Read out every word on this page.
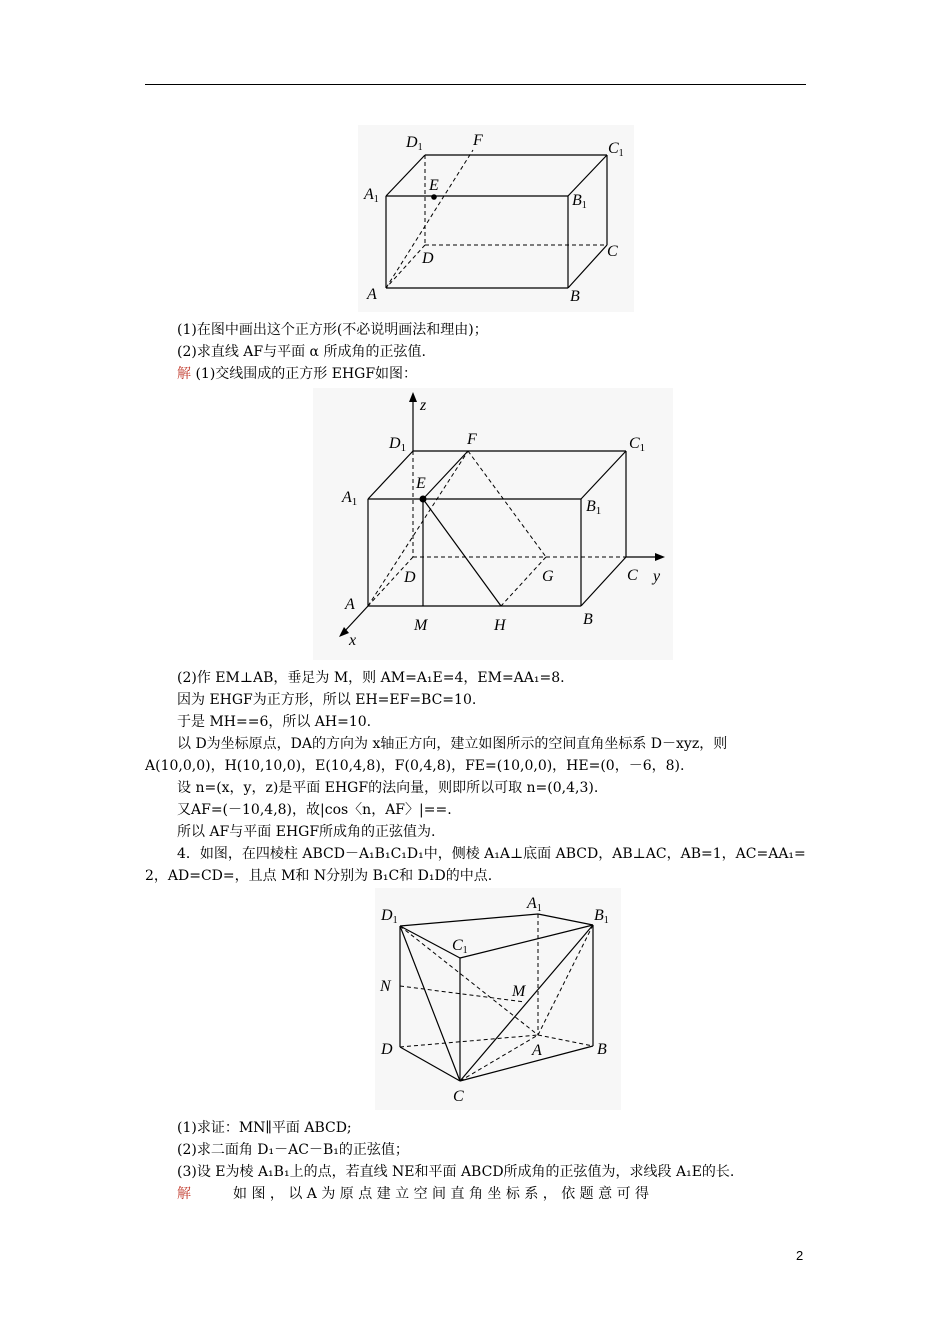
D1	F	C1
A1
E
B1
D	C
A	B
(1)在图中画出这个正方形(不必说明画法和理由)；
(2)求直线 AF与平面 α 所成角的正弦值.
解 (1)交线围成的正方形 EHGF如图：
z
D1	F	C1
A1
E
B1
D	G	C y
A
M	H	B
x
(2)作 EM⊥AB，垂足为 M，则 AM=A₁E=4，EM=AA₁=8.
因为 EHGF为正方形，所以 EH=EF=BC=10.
于是 MH==6，所以 AH=10.
以 D为坐标原点，DA的方向为 x轴正方向，建立如图所示的空间直角坐标系 D－xyz，则
A(10,0,0)，H(10,10,0)，E(10,4,8)，F(0,4,8)，FE=(10,0,0)，HE=(0，－6，8).
设 n=(x，y，z)是平面 EHGF的法向量，则即所以可取 n=(0,4,3).
又AF=(－10,4,8)，故|cos〈n，AF〉|==.
所以 AF与平面 EHGF所成角的正弦值为.
4．如图，在四棱柱 ABCD－A₁B₁C₁D₁中，侧棱 A₁A⊥底面 ABCD，AB⊥AC，AB=1，AC=AA₁=
2，AD=CD=，且点 M和 N分别为 B₁C和 D₁D的中点.
D1
A1	B1
C1
N	M
D	A	B
C
(1)求证：MN∥平面 ABCD;
(2)求二面角 D₁－AC－B₁的正弦值；
(3)设 E为棱 A₁B₁上的点，若直线 NE和平面 ABCD所成角的正弦值为，求线段 A₁E的长.
解	如 图 ， 以 A 为 原 点 建 立 空 间 直 角 坐 标 系 ， 依 题 意 可 得
2
